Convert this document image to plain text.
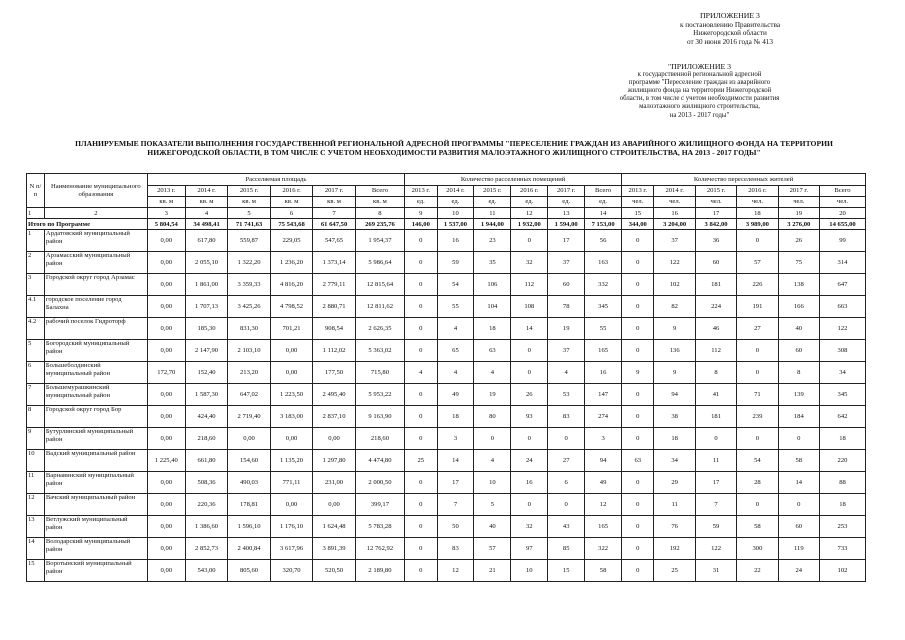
ПРИЛОЖЕНИЕ 3
к постановлению Правительства
Нижегородской области
от 30 июня 2016 года № 413
"ПРИЛОЖЕНИЕ 3
к государственной региональной адресной
программе "Переселение граждан из аварийного
жилищного фонда на территории Нижегородской
области, в том числе с учетом необходимости развития
малоэтажного жилищного строительства,
на 2013 - 2017 годы"
ПЛАНИРУЕМЫЕ ПОКАЗАТЕЛИ ВЫПОЛНЕНИЯ ГОСУДАРСТВЕННОЙ РЕГИОНАЛЬНОЙ АДРЕСНОЙ ПРОГРАММЫ "ПЕРЕСЕЛЕНИЕ ГРАЖДАН ИЗ АВАРИЙНОГО ЖИЛИЩНОГО ФОНДА НА ТЕРРИТОРИИ
НИЖЕГОРОДСКОЙ ОБЛАСТИ, В ТОМ ЧИСЛЕ С УЧЕТОМ НЕОБХОДИМОСТИ РАЗВИТИЯ МАЛОЭТАЖНОГО ЖИЛИЩНОГО СТРОИТЕЛЬСТВА, НА 2013 - 2017 ГОДЫ"
N п/п	Наименование муниципального образования	Расселяемая площадь						Количество расселенных помещений						Количество переселенных жителей					
		2013 г.	2014 г.	2015 г.	2016 г.	2017 г.	Всего	2013 г.	2014 г.	2015 г.	2016 г.	2017 г.	Всего	2013 г.	2014 г.	2015 г.	2016 г.	2017 г.	Всего
		кв. м	кв. м	кв. м	кв. м	кв. м	кв. м	ед.	ед.	ед.	ед.	ед.	ед.	чел.	чел.	чел.	чел.	чел.	чел.
1	2	3	4	5	6	7	8	9	10	11	12	13	14	15	16	17	18	19	20
Итого по Программе		5 804,54	34 498,41	71 741,63	75 543,68	61 647,50	269 235,76	146,00	1 537,00	1 944,00	1 932,00	1 594,00	7 153,00	344,00	3 204,00	3 842,00	3 989,00	3 276,00	14 655,00
1	Ардатовский муниципальный район	0,00	617,80	559,87	229,05	547,65	1 954,37	0	16	23	0	17	56	0	37	36	0	26	99
2	Арзамасский муниципальный район	0,00	2 055,10	1 322,20	1 236,20	1 373,14	5 986,64	0	59	35	32	37	163	0	122	60	57	75	314
3	Городской округ город Арзамас	0,00	1 861,00	3 359,33	4 816,20	2 779,11	12 815,64	0	54	106	112	60	332	0	102	181	226	138	647
4.1	городское поселение город Балахна	0,00	1 707,13	3 425,26	4 798,52	2 880,71	12 811,62	0	55	104	108	78	345	0	82	224	191	166	663
4.2	рабочий поселок Гидроторф	0,00	185,30	831,30	701,21	908,54	2 626,35	0	4	18	14	19	55	0	9	46	27	40	122
5	Богородский муниципальный район	0,00	2 147,90	2 103,10	0,00	1 112,02	5 363,02	0	65	63	0	37	165	0	136	112	0	60	308
6	Большеболдинский муниципальный район	172,70	152,40	213,20	0,00	177,50	715,80	4	4	4	0	4	16	9	9	8	0	8	34
7	Большемурашкинский муниципальный район	0,00	1 587,30	647,02	1 223,50	2 495,40	5 953,22	0	49	19	26	53	147	0	94	41	71	139	345
8	Городской округ город Бор	0,00	424,40	2 719,40	3 183,00	2 837,10	9 163,90	0	18	80	93	83	274	0	38	181	239	184	642
9	Бутурлинский муниципальный район	0,00	218,60	0,00	0,00	0,00	218,60	0	3	0	0	0	3	0	18	0	0	0	18
10	Вадский муниципальный район	1 225,40	661,80	154,60	1 135,20	1 297,80	4 474,80	25	14	4	24	27	94	63	34	11	54	58	220
11	Варнавинский муниципальный район	0,00	508,36	490,03	771,11	231,00	2 000,50	0	17	10	16	6	49	0	29	17	28	14	88
12	Вачский муниципальный район	0,00	220,36	178,81	0,00	0,00	399,17	0	7	5	0	0	12	0	11	7	0	0	18
13	Ветлужский муниципальный район	0,00	1 386,60	1 596,10	1 176,10	1 624,48	5 783,28	0	50	40	32	43	165	0	76	59	58	60	253
14	Володарский муниципальный район	0,00	2 852,73	2 400,84	3 617,96	3 891,39	12 762,92	0	83	57	97	85	322	0	192	122	300	119	733
15	Воротынский муниципальный район	0,00	543,00	805,60	320,70	520,50	2 189,80	0	12	21	10	15	58	0	25	31	22	24	102
